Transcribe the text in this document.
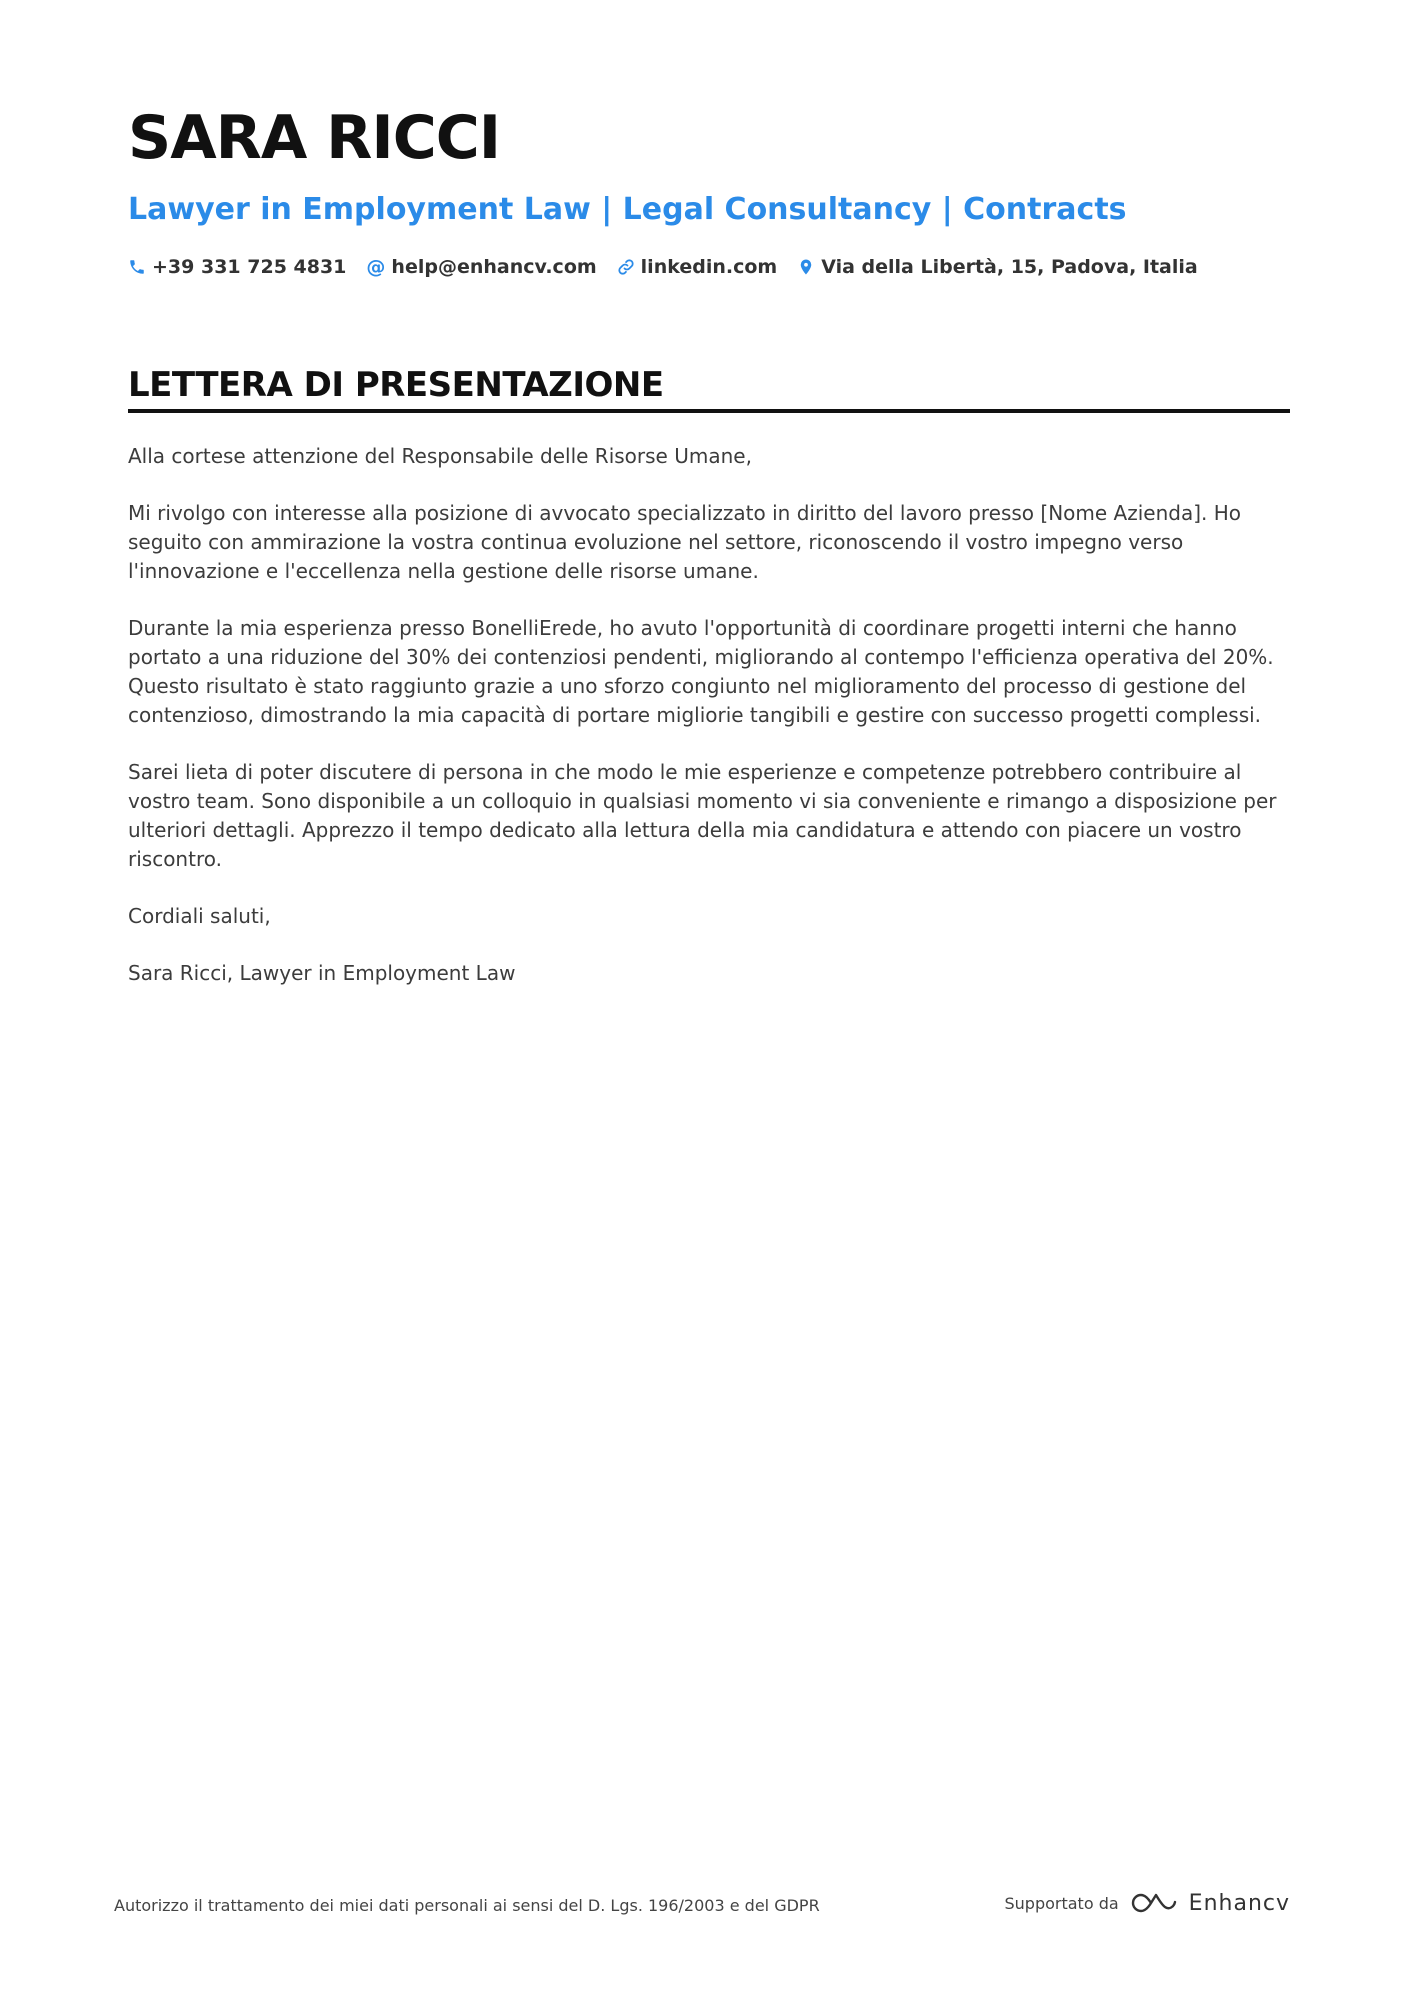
SARA RICCI
Lawyer in Employment Law | Legal Consultancy | Contracts
+39 331 725 4831 @ help@enhancv.com linkedin.com Via della Libertà, 15, Padova, Italia
LETTERA DI PRESENTAZIONE

Alla cortese attenzione del Responsabile delle Risorse Umane,

Mi rivolgo con interesse alla posizione di avvocato specializzato in diritto del lavoro presso [Nome Azienda]. Ho seguito con ammirazione la vostra continua evoluzione nel settore, riconoscendo il vostro impegno verso l'innovazione e l'eccellenza nella gestione delle risorse umane.

Durante la mia esperienza presso BonelliErede, ho avuto l'opportunità di coordinare progetti interni che hanno portato a una riduzione del 30% dei contenziosi pendenti, migliorando al contempo l'efficienza operativa del 20%. Questo risultato è stato raggiunto grazie a uno sforzo congiunto nel miglioramento del processo di gestione del contenzioso, dimostrando la mia capacità di portare migliorie tangibili e gestire con successo progetti complessi.

Sarei lieta di poter discutere di persona in che modo le mie esperienze e competenze potrebbero contribuire al vostro team. Sono disponibile a un colloquio in qualsiasi momento vi sia conveniente e rimango a disposizione per ulteriori dettagli. Apprezzo il tempo dedicato alla lettura della mia candidatura e attendo con piacere un vostro riscontro.

Cordiali saluti,

Sara Ricci, Lawyer in Employment Law

Autorizzo il trattamento dei miei dati personali ai sensi del D. Lgs. 196/2003 e del GDPR	Supportato da	Enhancv
